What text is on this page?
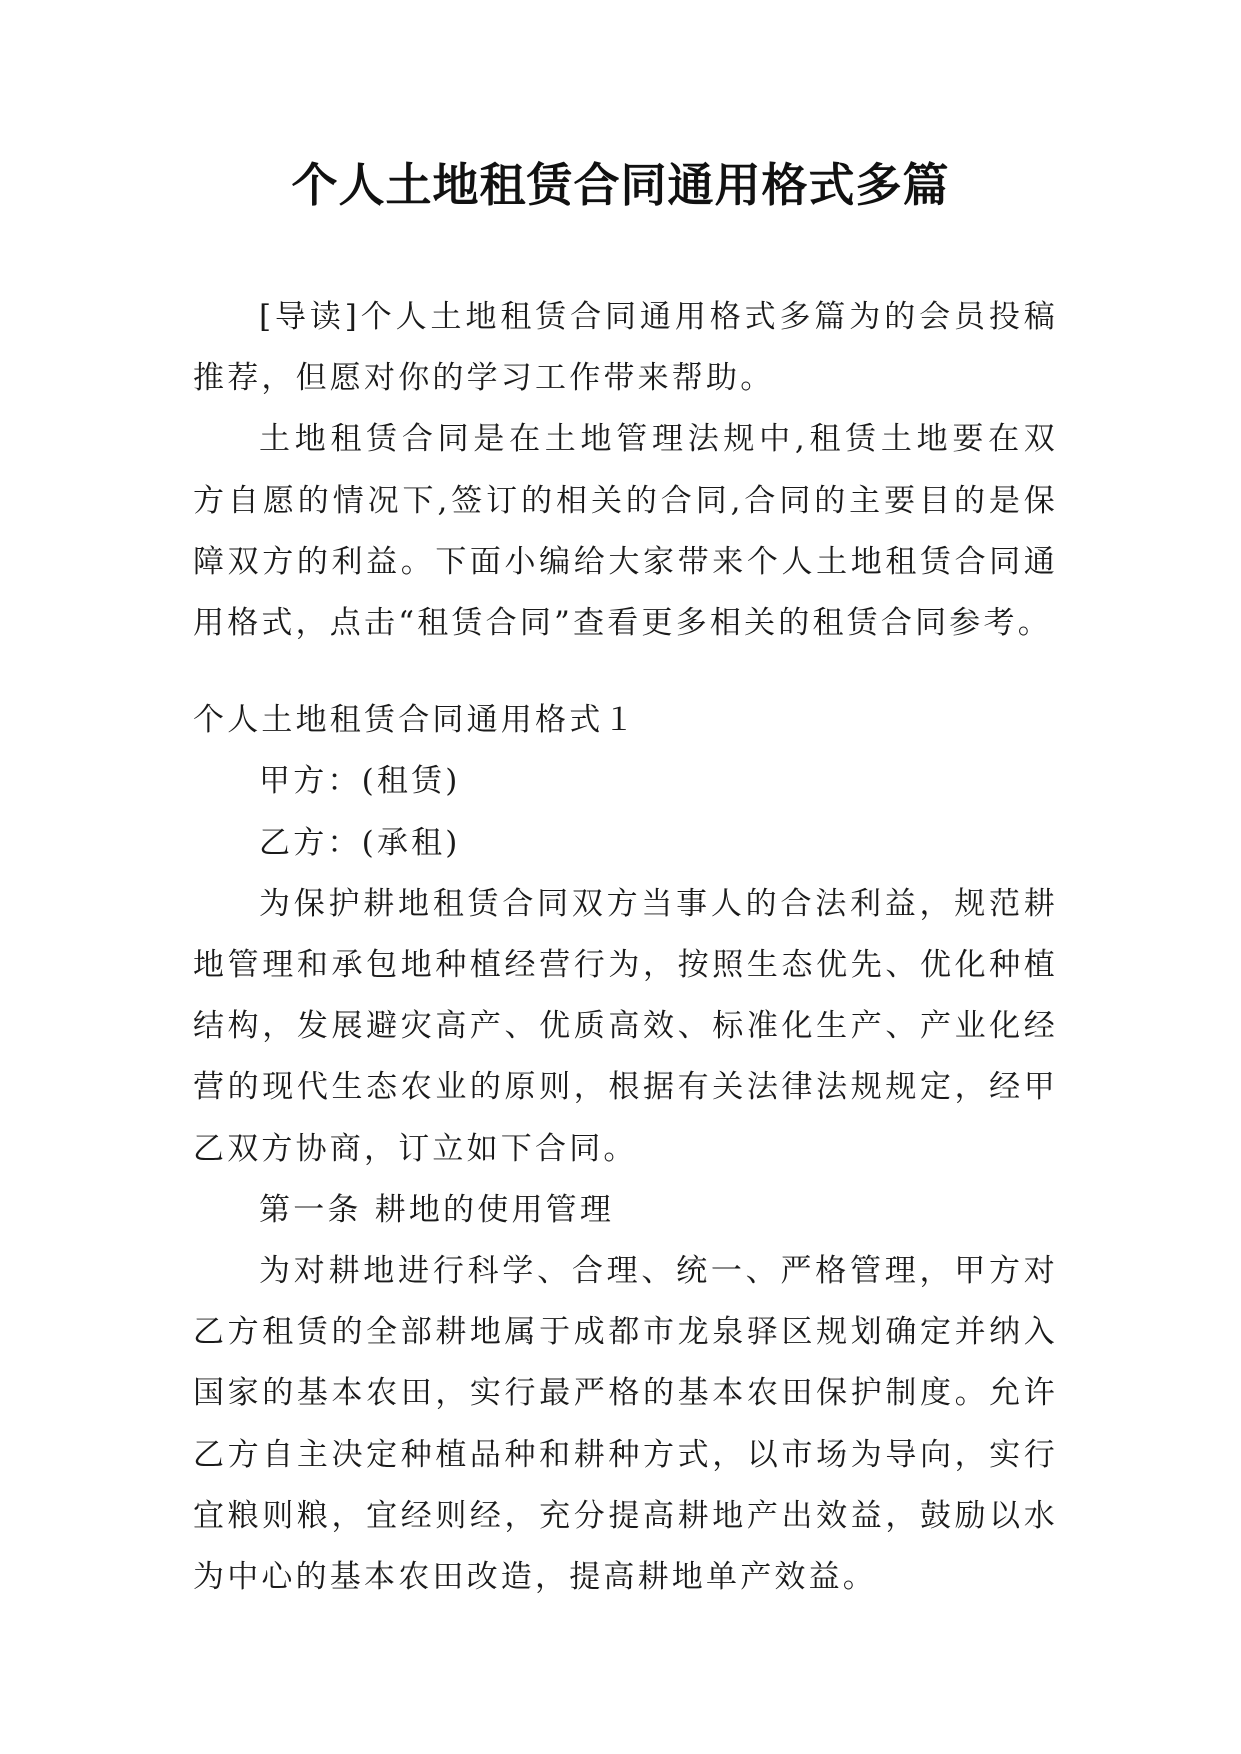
个人土地租赁合同通用格式多篇

[导读]个人土地租赁合同通用格式多篇为的会员投稿推荐，但愿对你的学习工作带来帮助。

土地租赁合同是在土地管理法规中,租赁土地要在双方自愿的情况下,签订的相关的合同,合同的主要目的是保障双方的利益。下面小编给大家带来个人土地租赁合同通用格式，点击“租赁合同”查看更多相关的租赁合同参考。

个人土地租赁合同通用格式１

甲方：(租赁)

乙方：(承租)

为保护耕地租赁合同双方当事人的合法利益，规范耕地管理和承包地种植经营行为，按照生态优先、优化种植结构，发展避灾高产、优质高效、标准化生产、产业化经营的现代生态农业的原则，根据有关法律法规规定，经甲乙双方协商，订立如下合同。

第一条 耕地的使用管理

为对耕地进行科学、合理、统一、严格管理，甲方对乙方租赁的全部耕地属于成都市龙泉驿区规划确定并纳入国家的基本农田，实行最严格的基本农田保护制度。允许乙方自主决定种植品种和耕种方式，以市场为导向，实行宜粮则粮，宜经则经，充分提高耕地产出效益，鼓励以水为中心的基本农田改造，提高耕地单产效益。
